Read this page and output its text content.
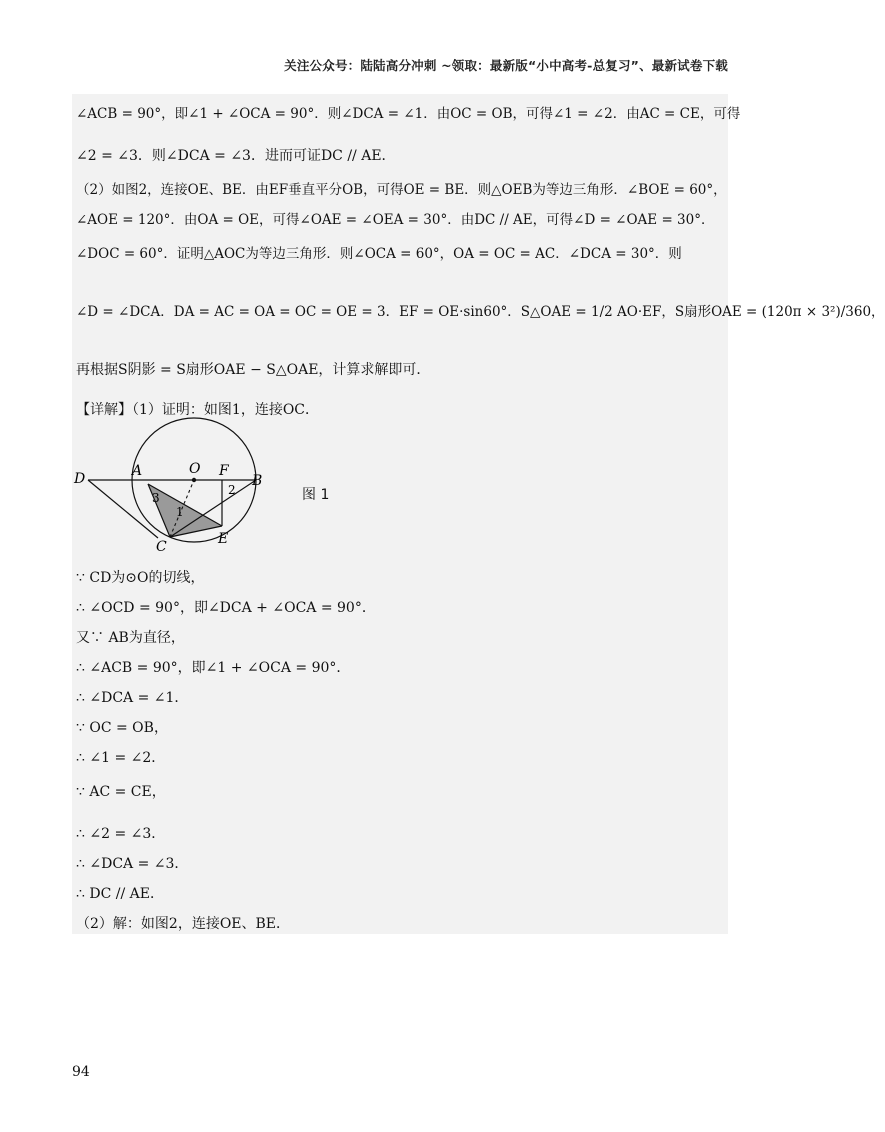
关注公众号：陆陆高分冲刺 ~领取：最新版“小中高考-总复习”、最新试卷下载
∠ACB = 90°，即∠1 + ∠OCA = 90°．则∠DCA = ∠1．由OC = OB，可得∠1 = ∠2．由AC = CE，可得
∠2 = ∠3．则∠DCA = ∠3．进而可证DC // AE．
（2）如图2，连接OE、BE．由EF垂直平分OB，可得OE = BE．则△OEB为等边三角形．∠BOE = 60°，
∠AOE = 120°．由OA = OE，可得∠OAE = ∠OEA = 30°．由DC // AE，可得∠D = ∠OAE = 30°．
∠DOC = 60°．证明△AOC为等边三角形．则∠OCA = 60°，OA = OC = AC．∠DCA = 30°．则
∠D = ∠DCA．DA = AC = OA = OC = OE = 3．EF = OE·sin60°．S△OAE = 1/2 AO·EF，S扇形OAE = (120π × 3²)/360，
再根据S阴影 = S扇形OAE − S△OAE，计算求解即可．
【详解】（1）证明：如图1，连接OC．
D	A	O F
B
C	E
1
2
3	图 1
∵ CD为⊙O的切线，
∴ ∠OCD = 90°，即∠DCA + ∠OCA = 90°．
又∵ AB为直径，
∴ ∠ACB = 90°，即∠1 + ∠OCA = 90°．
∴ ∠DCA = ∠1．
∵ OC = OB，
∴ ∠1 = ∠2．
∵ AC = CE，
∴ ∠2 = ∠3．
∴ ∠DCA = ∠3．
∴ DC // AE．
（2）解：如图2，连接OE、BE．
94
